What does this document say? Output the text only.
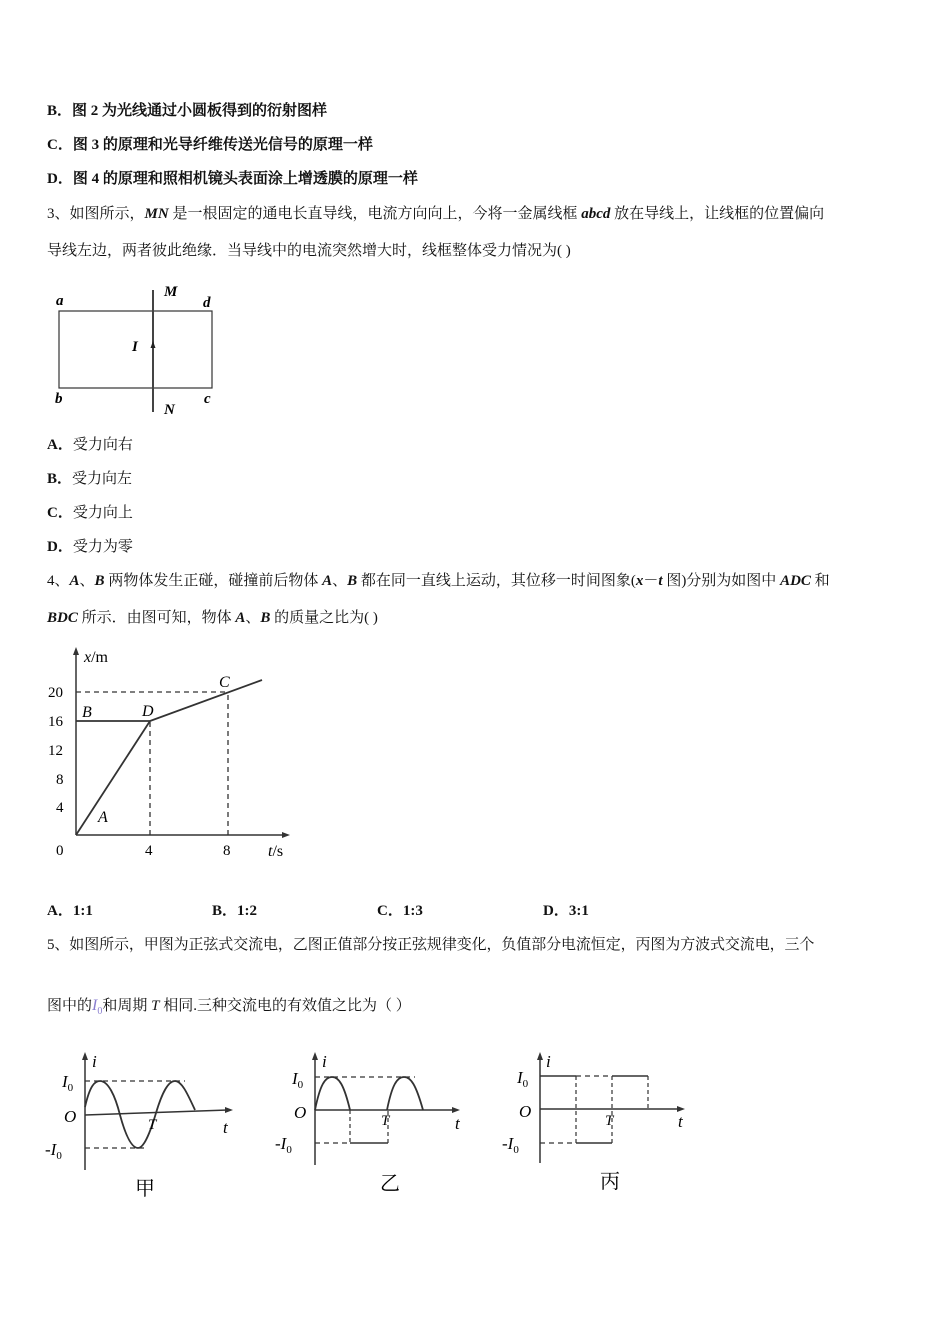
B．图 2 为光线通过小圆板得到的衍射图样
C．图 3 的原理和光导纤维传送光信号的原理一样
D．图 4 的原理和照相机镜头表面涂上增透膜的原理一样
3、如图所示，MN 是一根固定的通电长直导线，电流方向向上，今将一金属线框 abcd 放在导线上，让线框的位置偏向
导线左边，两者彼此绝缘．当导线中的电流突然增大时，线框整体受力情况为( )
a	d
b	c
M
N
I
A．受力向右
B．受力向左
C．受力向上
D．受力为零
4、A、B 两物体发生正碰，碰撞前后物体 A、B 都在同一直线上运动，其位移一时间图象(x－t 图)分别为如图中 ADC 和
BDC 所示．由图可知，物体 A、B 的质量之比为( )
20
16
12
8
4
0	4	8
x/m
t/s
B	D
C
A
A．1:1	B．1:2	C．1:3	D．3:1
5、如图所示，甲图为正弦式交流电，乙图正值部分按正弦规律变化，负值部分电流恒定，丙图为方波式交流电，三个
图中的$I_0$和周期 T 相同.三种交流电的有效值之比为（ ）
$I_0$
O
$-I_0$
i
t
T
甲
$I_0$
O
$-I_0$
i
t
T
乙
$I_0$
O
$-I_0$
i
t
T
丙
